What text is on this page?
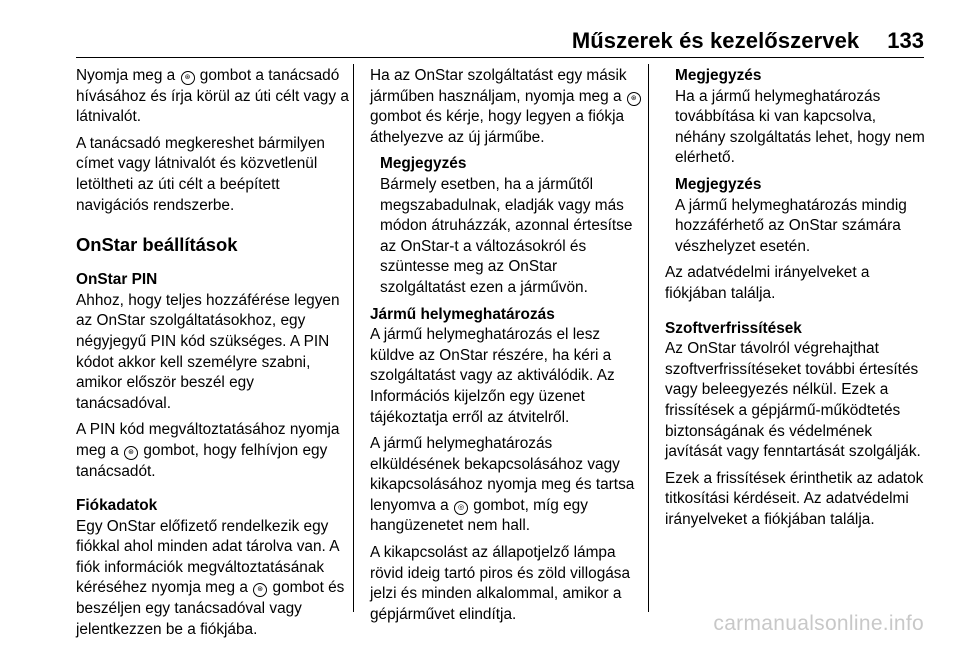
Műszerek és kezelőszervek 133

Nyomja meg a ⊛ gombot a tanácsadó hívásához és írja körül az úti célt vagy a látnivalót.

A tanácsadó megkereshet bármilyen címet vagy látnivalót és közvetlenül letöltheti az úti célt a beépített navigációs rendszerbe.

OnStar beállítások
OnStar PIN

Ahhoz, hogy teljes hozzáférése legyen az OnStar szolgáltatásokhoz, egy négyjegyű PIN kód szükséges. A PIN kódot akkor kell személyre szabni, amikor először beszél egy tanácsadóval.

A PIN kód megváltoztatásához nyomja meg a ⊛ gombot, hogy felhívjon egy tanácsadót.

Fiókadatok

Egy OnStar előfizető rendelkezik egy fiókkal ahol minden adat tárolva van. A fiók információk megváltoztatásának kéréséhez nyomja meg a ⊛ gombot és beszéljen egy tanácsadóval vagy jelentkezzen be a fiókjába.

Ha az OnStar szolgáltatást egy másik járműben használjam, nyomja meg a ⊛ gombot és kérje, hogy legyen a fiókja áthelyezve az új járműbe.

Megjegyzés
Bármely esetben, ha a járműtől megszabadulnak, eladják vagy más módon átruházzák, azonnal értesítse az OnStar-t a változásokról és szüntesse meg az OnStar szolgáltatást ezen a járművön.
Jármű helymeghatározás

A jármű helymeghatározás el lesz küldve az OnStar részére, ha kéri a szolgáltatást vagy az aktiválódik. Az Információs kijelzőn egy üzenet tájékoztatja erről az átvitelről.

A jármű helymeghatározás elküldésének bekapcsolásához vagy kikapcsolásához nyomja meg és tartsa lenyomva a ◎ gombot, míg egy hangüzenetet nem hall.

A kikapcsolást az állapotjelző lámpa rövid ideig tartó piros és zöld villogása jelzi és minden alkalommal, amikor a gépjárművet elindítja.

Megjegyzés
Ha a jármű helymeghatározás továbbítása ki van kapcsolva, néhány szolgáltatás lehet, hogy nem elérhető.
Megjegyzés
A jármű helymeghatározás mindig hozzáférhető az OnStar számára vészhelyzet esetén.

Az adatvédelmi irányelveket a fiókjában találja.

Szoftverfrissítések

Az OnStar távolról végrehajthat szoftverfrissítéseket további értesítés vagy beleegyezés nélkül. Ezek a frissítések a gépjármű-működtetés biztonságának és védelmének javítását vagy fenntartását szolgálják.

Ezek a frissítések érinthetik az adatok titkosítási kérdéseit. Az adatvédelmi irányelveket a fiókjában találja.

carmanualsonline.info
